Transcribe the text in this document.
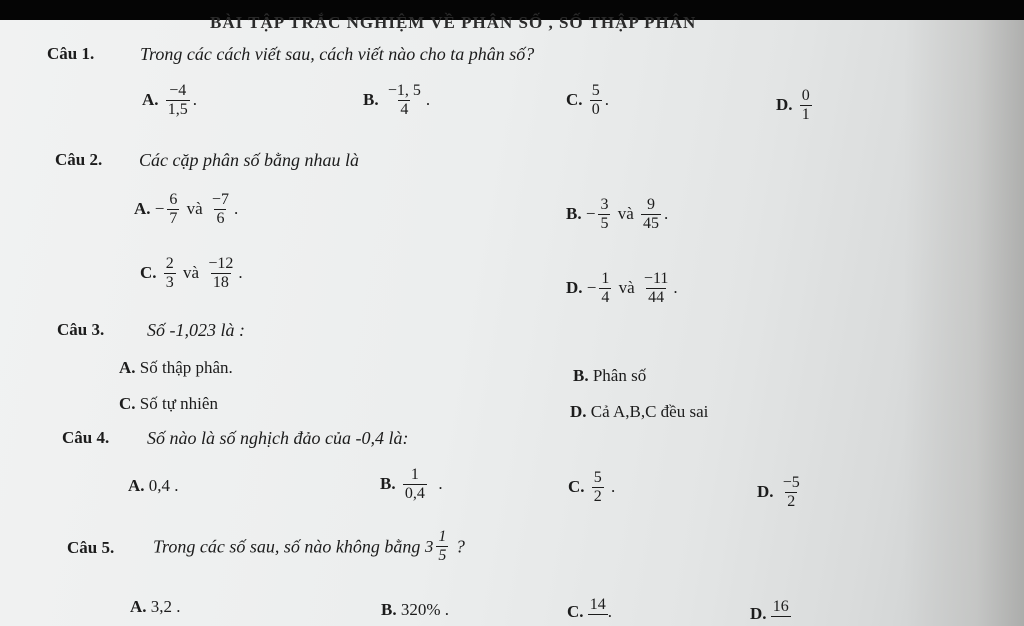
BÀI TẬP TRẮC NGHIỆM VỀ PHÂN SỐ , SỐ THẬP PHÂN
Câu 1.	Trong các cách viết sau, cách viết nào cho ta phân số?
A. $\frac{-4}{1,5}$ .	B. $\frac{-1, 5}{4}$ .	C. $\frac{5}{0}$ .	D. $\frac{0}{1}$
Câu 2. Các cặp phân số bằng nhau là
A. − $\frac{6}{7}$ và $\frac{-7}{6}$ .	B. − $\frac{3}{5}$ và $\frac{9}{45}$ .
C. $\frac{2}{3}$ và $\frac{-12}{18}$ .
D. − $\frac{1}{4}$ và $\frac{-11}{44}$ .
Câu 3. Số -1,023 là :
A. Số thập phân.	B. Phân số
C. Số tự nhiên	D. Cả A,B,C đều sai
Câu 4. Số nào là số nghịch đảo của -0,4 là:
A. 0,4 .	B. $\frac{1}{0,4}$ .	C. $\frac{5}{2}$ .	D. $\frac{-5}{2}$
Câu 5. Trong các số sau, số nào không bằng $3 \frac{1}{5}$ ?
A. 3,2 .	B. 320% .	C. 14 .	D. 16
